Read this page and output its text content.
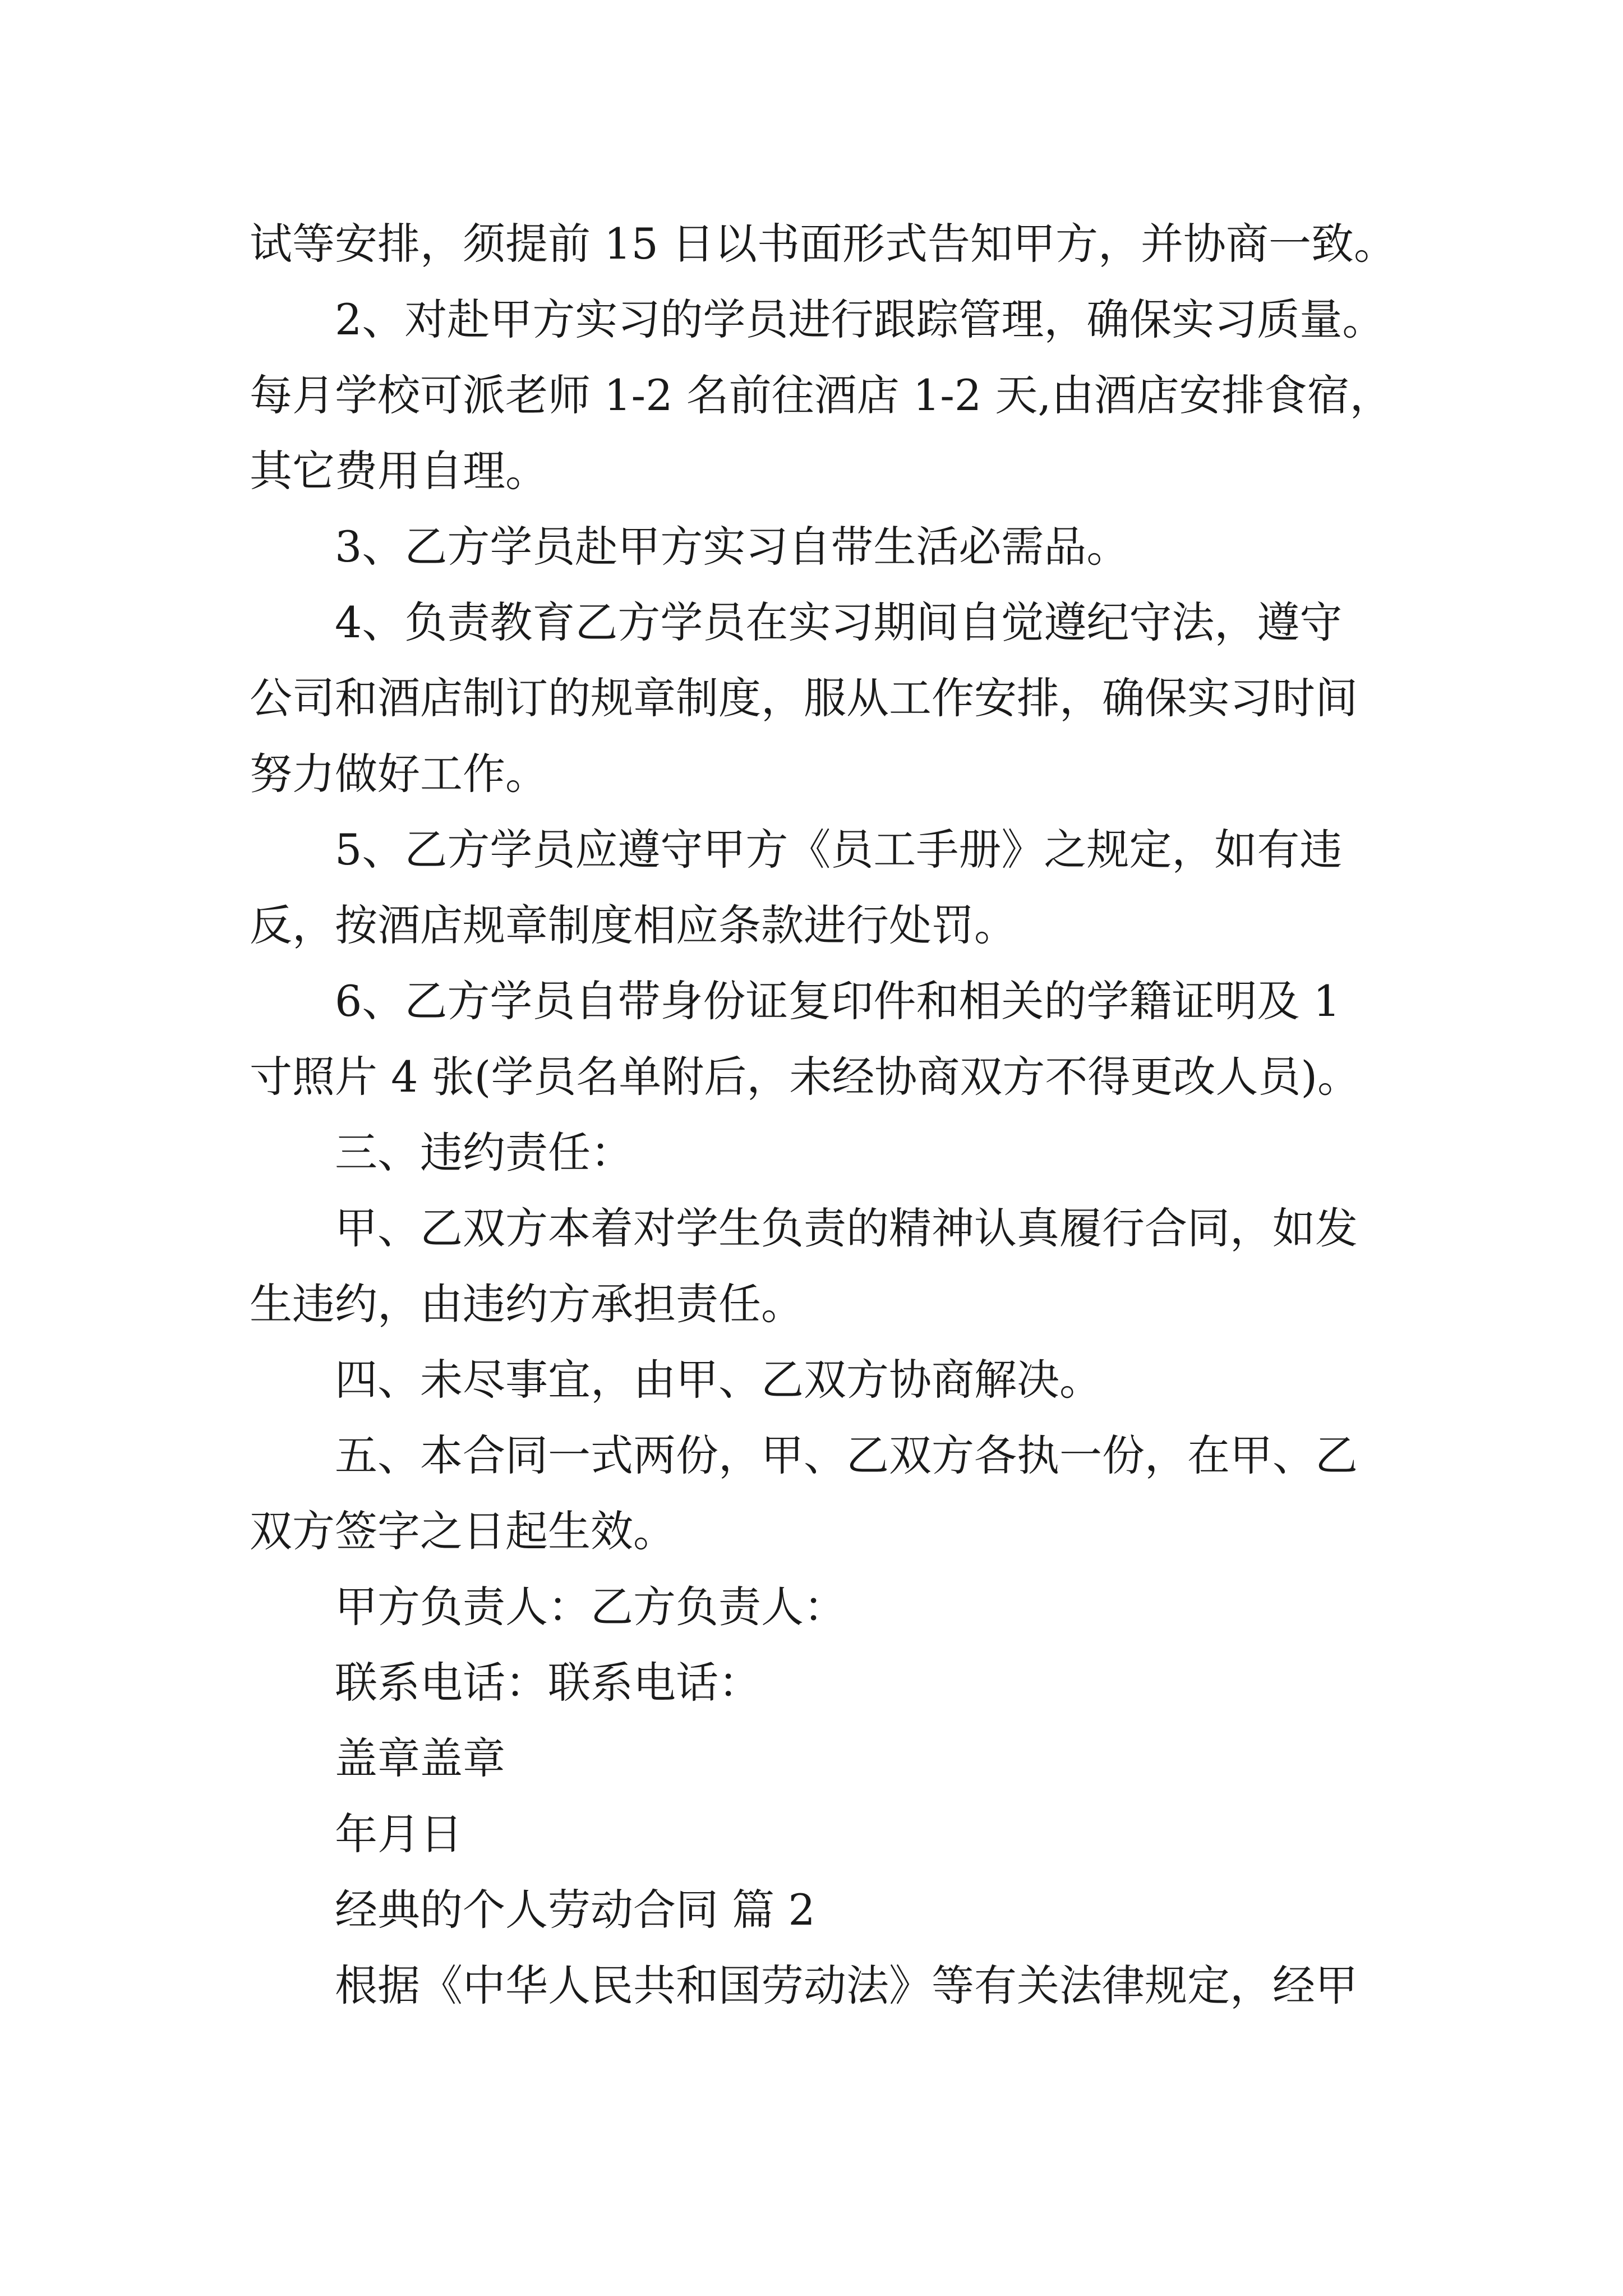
试等安排，须提前 15 日以书面形式告知甲方，并协商一致。

2、对赴甲方实习的学员进行跟踪管理，确保实习质量。

每月学校可派老师 1-2 名前往酒店 1-2 天,由酒店安排食宿，

其它费用自理。

3、乙方学员赴甲方实习自带生活必需品。

4、负责教育乙方学员在实习期间自觉遵纪守法，遵守

公司和酒店制订的规章制度，服从工作安排，确保实习时间

努力做好工作。

5、乙方学员应遵守甲方《员工手册》之规定，如有违

反，按酒店规章制度相应条款进行处罚。

6、乙方学员自带身份证复印件和相关的学籍证明及 1

寸照片 4 张(学员名单附后，未经协商双方不得更改人员)。

三、违约责任：

甲、乙双方本着对学生负责的精神认真履行合同，如发

生违约，由违约方承担责任。

四、未尽事宜，由甲、乙双方协商解决。

五、本合同一式两份，甲、乙双方各执一份，在甲、乙

双方签字之日起生效。

甲方负责人：乙方负责人：

联系电话：联系电话：

盖章盖章

年月日

经典的个人劳动合同 篇 2

根据《中华人民共和国劳动法》等有关法律规定，经甲
